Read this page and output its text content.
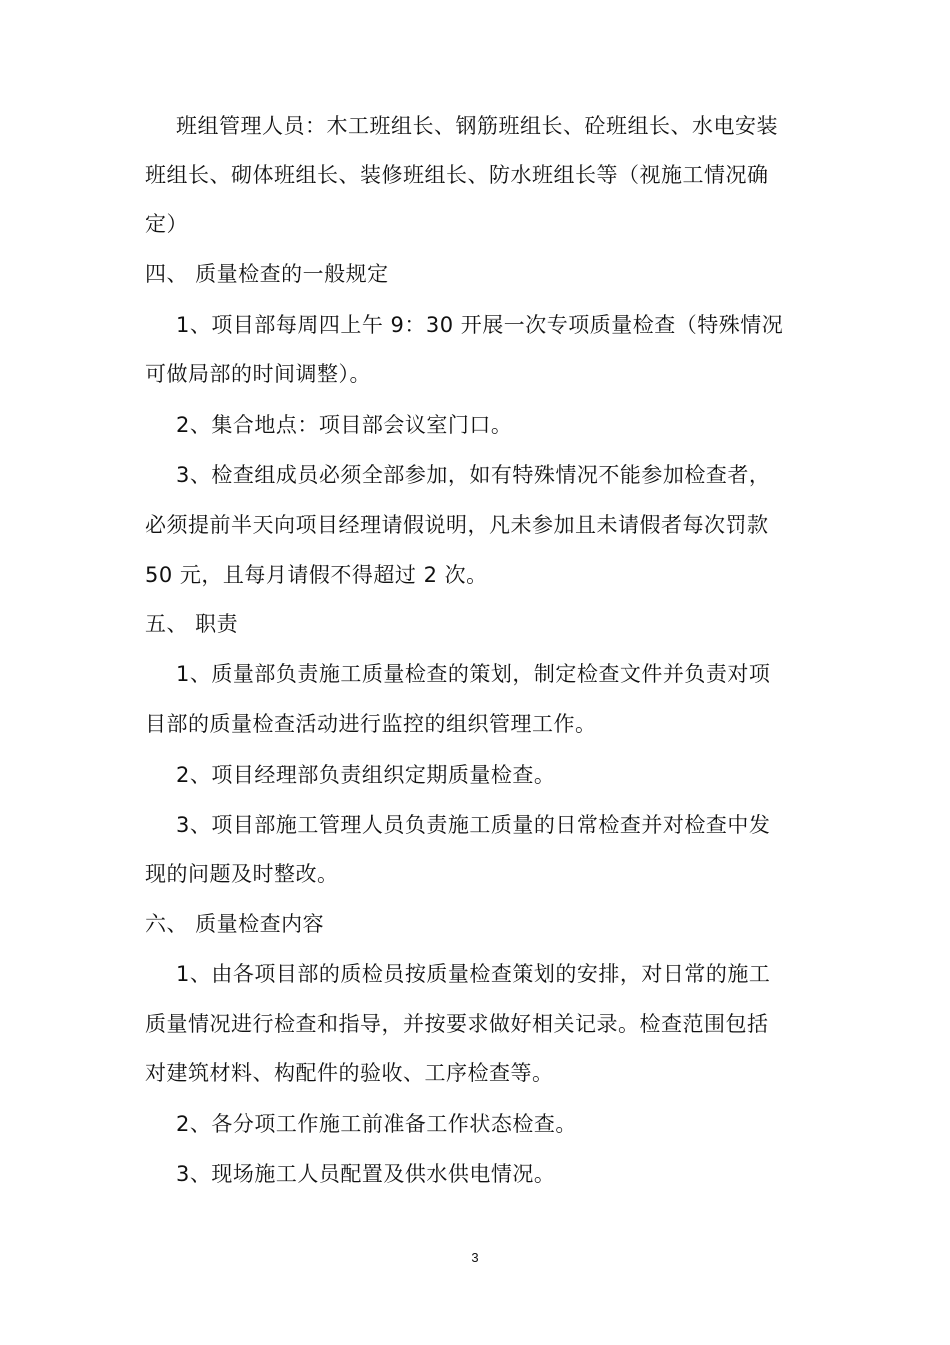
班组管理人员：木工班组长、钢筋班组长、砼班组长、水电安装
班组长、砌体班组长、装修班组长、防水班组长等（视施工情况确
定）
四、 质量检查的一般规定
1、项目部每周四上午 9：30 开展一次专项质量检查（特殊情况
可做局部的时间调整）。
2、集合地点：项目部会议室门口。
3、检查组成员必须全部参加，如有特殊情况不能参加检查者，
必须提前半天向项目经理请假说明，凡未参加且未请假者每次罚款
50 元，且每月请假不得超过 2 次。
五、 职责
1、质量部负责施工质量检查的策划，制定检查文件并负责对项
目部的质量检查活动进行监控的组织管理工作。
2、项目经理部负责组织定期质量检查。
3、项目部施工管理人员负责施工质量的日常检查并对检查中发
现的问题及时整改。
六、 质量检查内容
1、由各项目部的质检员按质量检查策划的安排，对日常的施工
质量情况进行检查和指导，并按要求做好相关记录。检查范围包括
对建筑材料、构配件的验收、工序检查等。
2、各分项工作施工前准备工作状态检查。
3、现场施工人员配置及供水供电情况。
3
